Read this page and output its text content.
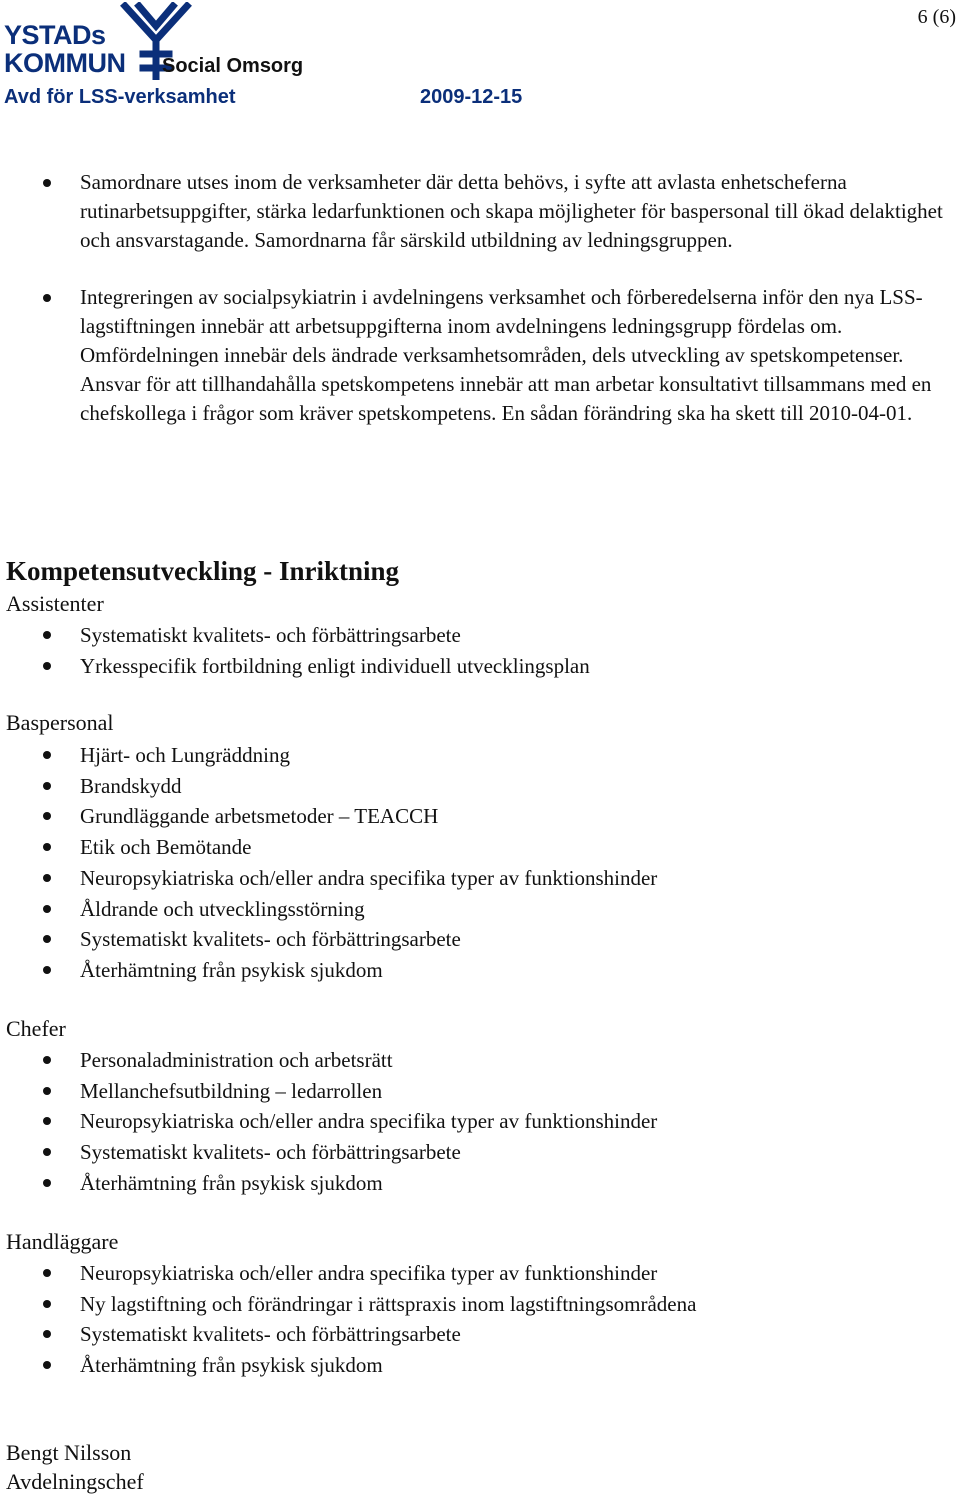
YSTADs
KOMMUN Social Omsorg
Avd för LSS-verksamhet	2009-12-15
6 (6)
Samordnare utses inom de verksamheter där detta behövs, i syfte att avlasta enhetscheferna rutinarbetsuppgifter, stärka ledarfunktionen och skapa möjligheter för baspersonal till ökad delaktighet och ansvarstagande. Samordnarna får särskild utbildning av ledningsgruppen.
Integreringen av socialpsykiatrin i avdelningens verksamhet och förberedelserna inför den nya LSS-lagstiftningen innebär att arbetsuppgifterna inom avdelningens ledningsgrupp fördelas om. Omfördelningen innebär dels ändrade verksamhetsområden, dels utveckling av spetskompetenser. Ansvar för att tillhandahålla spetskompetens innebär att man arbetar konsultativt tillsammans med en chefskollega i frågor som kräver spetskompetens. En sådan förändring ska ha skett till 2010-04-01.
Kompetensutveckling - Inriktning
Assistenter
Systematiskt kvalitets- och förbättringsarbete
Yrkesspecifik fortbildning enligt individuell utvecklingsplan
Baspersonal
Hjärt- och Lungräddning
Brandskydd
Grundläggande arbetsmetoder – TEACCH
Etik och Bemötande
Neuropsykiatriska och/eller andra specifika typer av funktionshinder
Åldrande och utvecklingsstörning
Systematiskt kvalitets- och förbättringsarbete
Återhämtning från psykisk sjukdom
Chefer
Personaladministration och arbetsrätt
Mellanchefsutbildning – ledarrollen
Neuropsykiatriska och/eller andra specifika typer av funktionshinder
Systematiskt kvalitets- och förbättringsarbete
Återhämtning från psykisk sjukdom
Handläggare
Neuropsykiatriska och/eller andra specifika typer av funktionshinder
Ny lagstiftning och förändringar i rättspraxis inom lagstiftningsområdena
Systematiskt kvalitets- och förbättringsarbete
Återhämtning från psykisk sjukdom
Bengt Nilsson
Avdelningschef
